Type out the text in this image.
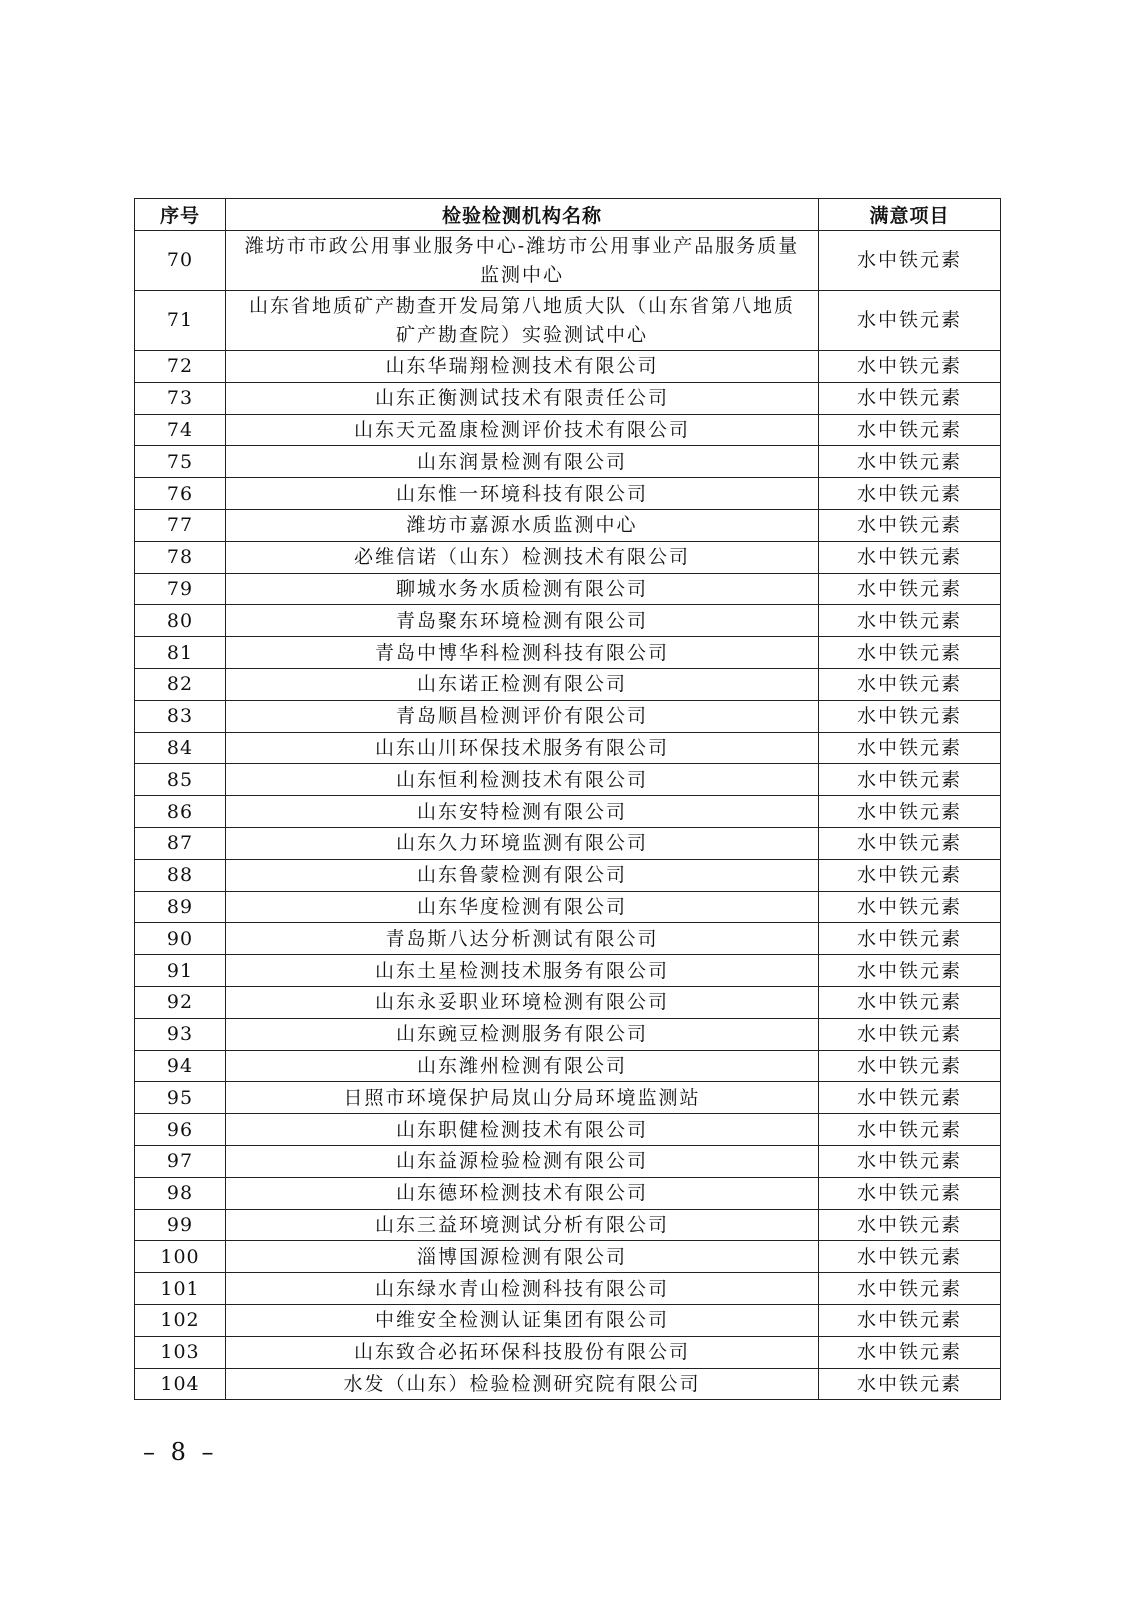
序号	检验检测机构名称	满意项目
70	潍坊市市政公用事业服务中心-潍坊市公用事业产品服务质量监测中心	水中铁元素
71	山东省地质矿产勘查开发局第八地质大队（山东省第八地质矿产勘查院）实验测试中心	水中铁元素
72	山东华瑞翔检测技术有限公司	水中铁元素
73	山东正衡测试技术有限责任公司	水中铁元素
74	山东天元盈康检测评价技术有限公司	水中铁元素
75	山东润景检测有限公司	水中铁元素
76	山东惟一环境科技有限公司	水中铁元素
77	潍坊市嘉源水质监测中心	水中铁元素
78	必维信诺（山东）检测技术有限公司	水中铁元素
79	聊城水务水质检测有限公司	水中铁元素
80	青岛聚东环境检测有限公司	水中铁元素
81	青岛中博华科检测科技有限公司	水中铁元素
82	山东诺正检测有限公司	水中铁元素
83	青岛顺昌检测评价有限公司	水中铁元素
84	山东山川环保技术服务有限公司	水中铁元素
85	山东恒利检测技术有限公司	水中铁元素
86	山东安特检测有限公司	水中铁元素
87	山东久力环境监测有限公司	水中铁元素
88	山东鲁蒙检测有限公司	水中铁元素
89	山东华度检测有限公司	水中铁元素
90	青岛斯八达分析测试有限公司	水中铁元素
91	山东土星检测技术服务有限公司	水中铁元素
92	山东永妥职业环境检测有限公司	水中铁元素
93	山东豌豆检测服务有限公司	水中铁元素
94	山东潍州检测有限公司	水中铁元素
95	日照市环境保护局岚山分局环境监测站	水中铁元素
96	山东职健检测技术有限公司	水中铁元素
97	山东益源检验检测有限公司	水中铁元素
98	山东德环检测技术有限公司	水中铁元素
99	山东三益环境测试分析有限公司	水中铁元素
100	淄博国源检测有限公司	水中铁元素
101	山东绿水青山检测科技有限公司	水中铁元素
102	中维安全检测认证集团有限公司	水中铁元素
103	山东致合必拓环保科技股份有限公司	水中铁元素
104	水发（山东）检验检测研究院有限公司	水中铁元素
– 8 –
